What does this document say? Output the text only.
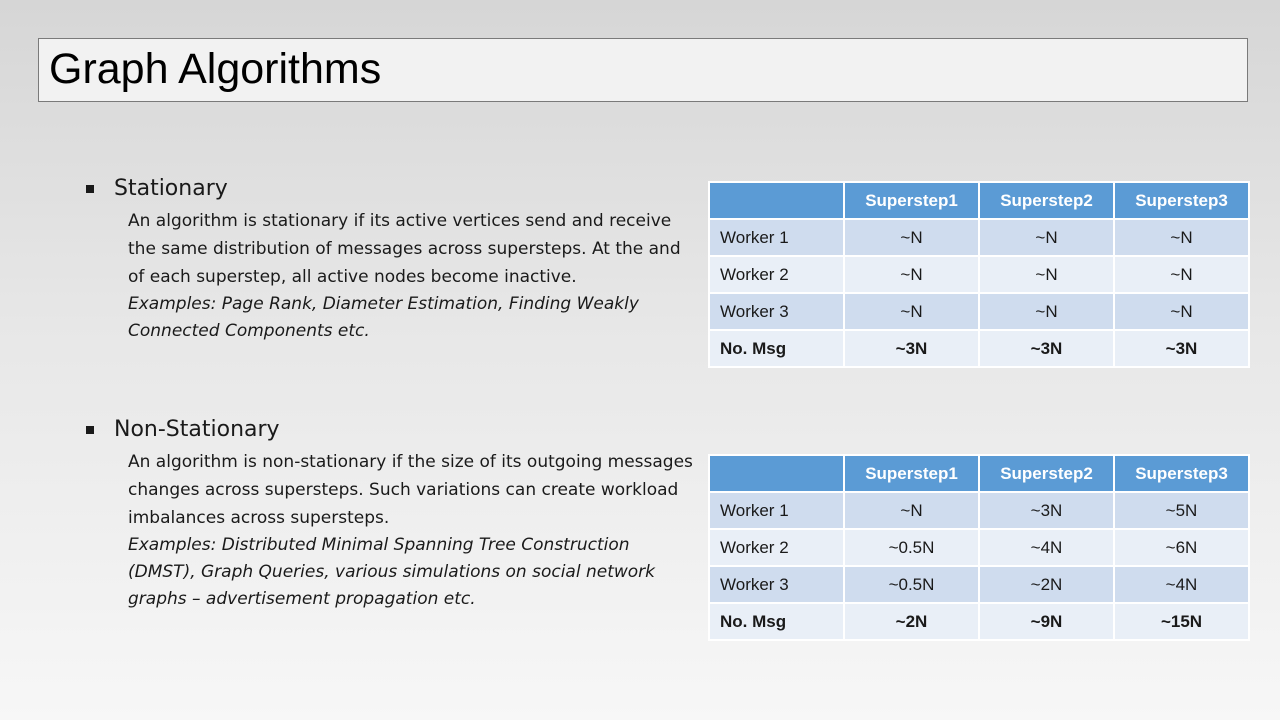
Graph Algorithms
Stationary
An algorithm is stationary if its active vertices send and receive the same distribution of messages across supersteps. At the and of each superstep, all active nodes become inactive.
Examples: Page Rank, Diameter Estimation, Finding Weakly Connected Components etc.
Non-Stationary
An algorithm is non-stationary if the size of its outgoing messages changes across supersteps. Such variations can create workload imbalances across supersteps.
Examples: Distributed Minimal Spanning Tree Construction (DMST), Graph Queries, various simulations on social network graphs – advertisement propagation etc.
	Superstep1	Superstep2	Superstep3
Worker 1	~N	~N	~N
Worker 2	~N	~N	~N
Worker 3	~N	~N	~N
No. Msg	~3N	~3N	~3N
	Superstep1	Superstep2	Superstep3
Worker 1	~N	~3N	~5N
Worker 2	~0.5N	~4N	~6N
Worker 3	~0.5N	~2N	~4N
No. Msg	~2N	~9N	~15N
